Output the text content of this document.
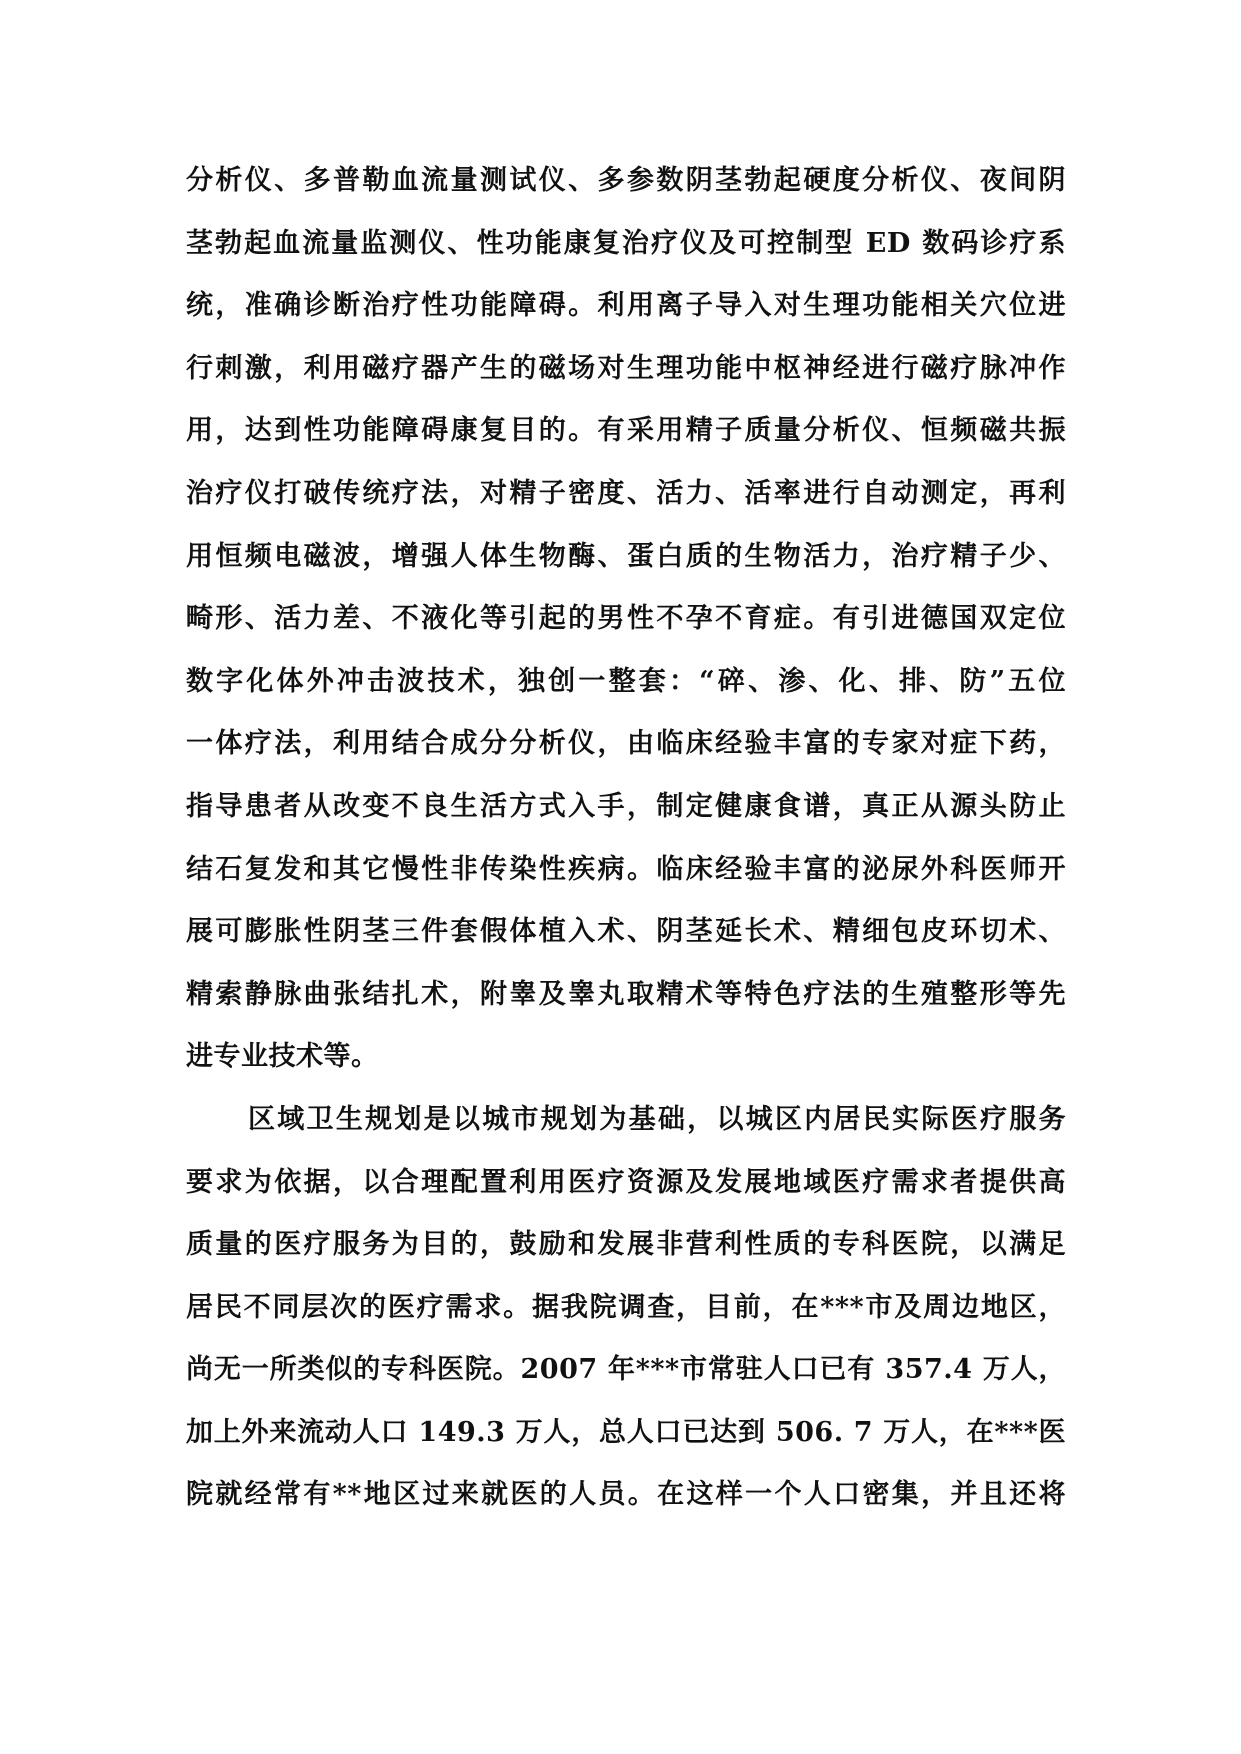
分析仪、多普勒血流量测试仪、多参数阴茎勃起硬度分析仪、夜间阴
茎勃起血流量监测仪、性功能康复治疗仪及可控制型 ED 数码诊疗系
统，准确诊断治疗性功能障碍。利用离子导入对生理功能相关穴位进
行刺激，利用磁疗器产生的磁场对生理功能中枢神经进行磁疗脉冲作
用，达到性功能障碍康复目的。有采用精子质量分析仪、恒频磁共振
治疗仪打破传统疗法，对精子密度、活力、活率进行自动测定，再利
用恒频电磁波，增强人体生物酶、蛋白质的生物活力，治疗精子少、
畸形、活力差、不液化等引起的男性不孕不育症。有引进德国双定位
数字化体外冲击波技术，独创一整套：“碎、渗、化、排、防”五位
一体疗法，利用结合成分分析仪，由临床经验丰富的专家对症下药，
指导患者从改变不良生活方式入手，制定健康食谱，真正从源头防止
结石复发和其它慢性非传染性疾病。临床经验丰富的泌尿外科医师开
展可膨胀性阴茎三件套假体植入术、阴茎延长术、精细包皮环切术、
精索静脉曲张结扎术，附睾及睾丸取精术等特色疗法的生殖整形等先
进专业技术等。
区域卫生规划是以城市规划为基础，以城区内居民实际医疗服务
要求为依据，以合理配置利用医疗资源及发展地域医疗需求者提供高
质量的医疗服务为目的，鼓励和发展非营利性质的专科医院，以满足
居民不同层次的医疗需求。据我院调查，目前，在***市及周边地区，
尚无一所类似的专科医院。2007 年***市常驻人口已有 357.4 万人，
加上外来流动人口 149.3 万人，总人口已达到 506. 7 万人，在***医
院就经常有**地区过来就医的人员。在这样一个人口密集，并且还将
